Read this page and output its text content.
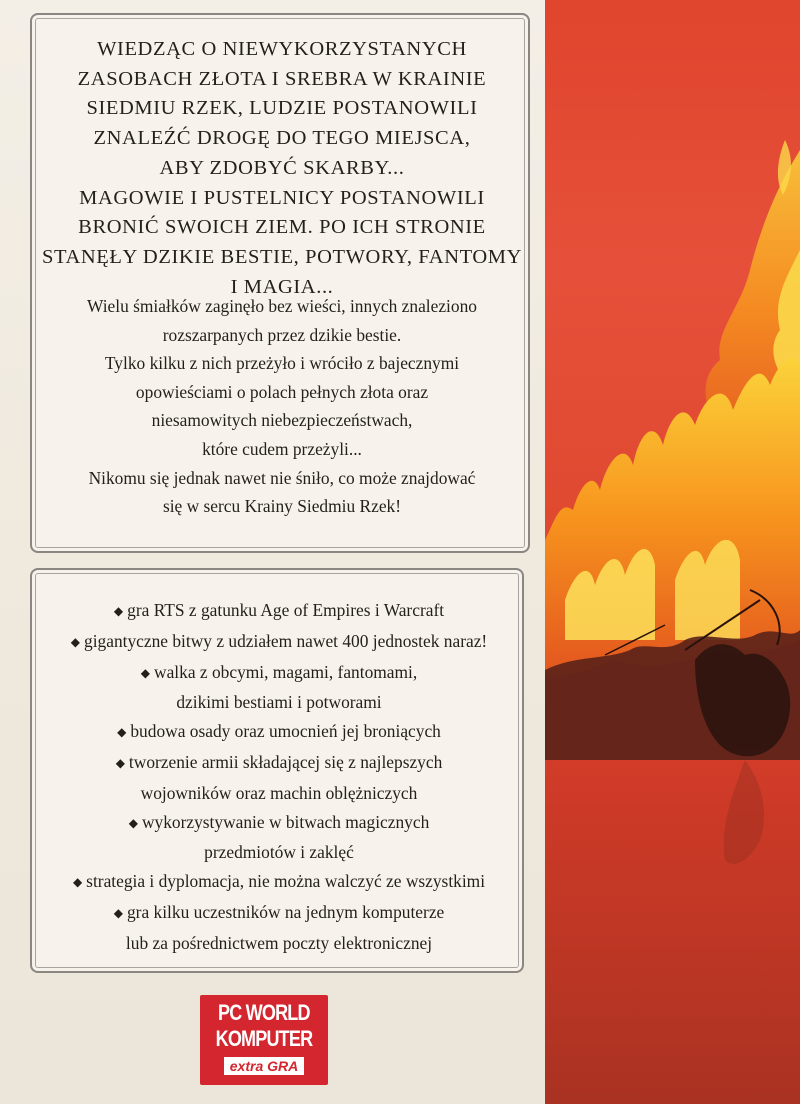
WIEDZĄC O NIEWYKORZYSTANYCH
ZASOBACH ZŁOTA I SREBRA W KRAINIE
SIEDMIU RZEK, LUDZIE POSTANOWILI
ZNALEŹĆ DROGĘ DO TEGO MIEJSCA,
ABY ZDOBYĆ SKARBY...
MAGOWIE I PUSTELNICY POSTANOWILI
BRONIĆ SWOICH ZIEM. PO ICH STRONIE
STANĘŁY DZIKIE BESTIE, POTWORY, FANTOMY
I MAGIA...
Wielu śmiałków zaginęło bez wieści, innych znaleziono
rozszarpanych przez dzikie bestie.
Tylko kilku z nich przeżyło i wróciło z bajecznymi
opowieściami o polach pełnych złota oraz
niesamowitych niebezpieczeństwach,
które cudem przeżyli...
Nikomu się jednak nawet nie śniło, co może znajdować
się w sercu Krainy Siedmiu Rzek!
◆ gra RTS z gatunku Age of Empires i Warcraft
◆ gigantyczne bitwy z udziałem nawet 400 jednostek naraz!
◆ walka z obcymi, magami, fantomami,
dzikimi bestiami i potworami
◆ budowa osady oraz umocnień jej broniących
◆ tworzenie armii składającej się z najlepszych
wojowników oraz machin oblężniczych
◆ wykorzystywanie w bitwach magicznych
przedmiotów i zaklęć
◆ strategia i dyplomacja, nie można walczyć ze wszystkimi
◆ gra kilku uczestników na jednym komputerze
lub za pośrednictwem poczty elektronicznej
PC WORLD
KOMPUTER
extra GRA
